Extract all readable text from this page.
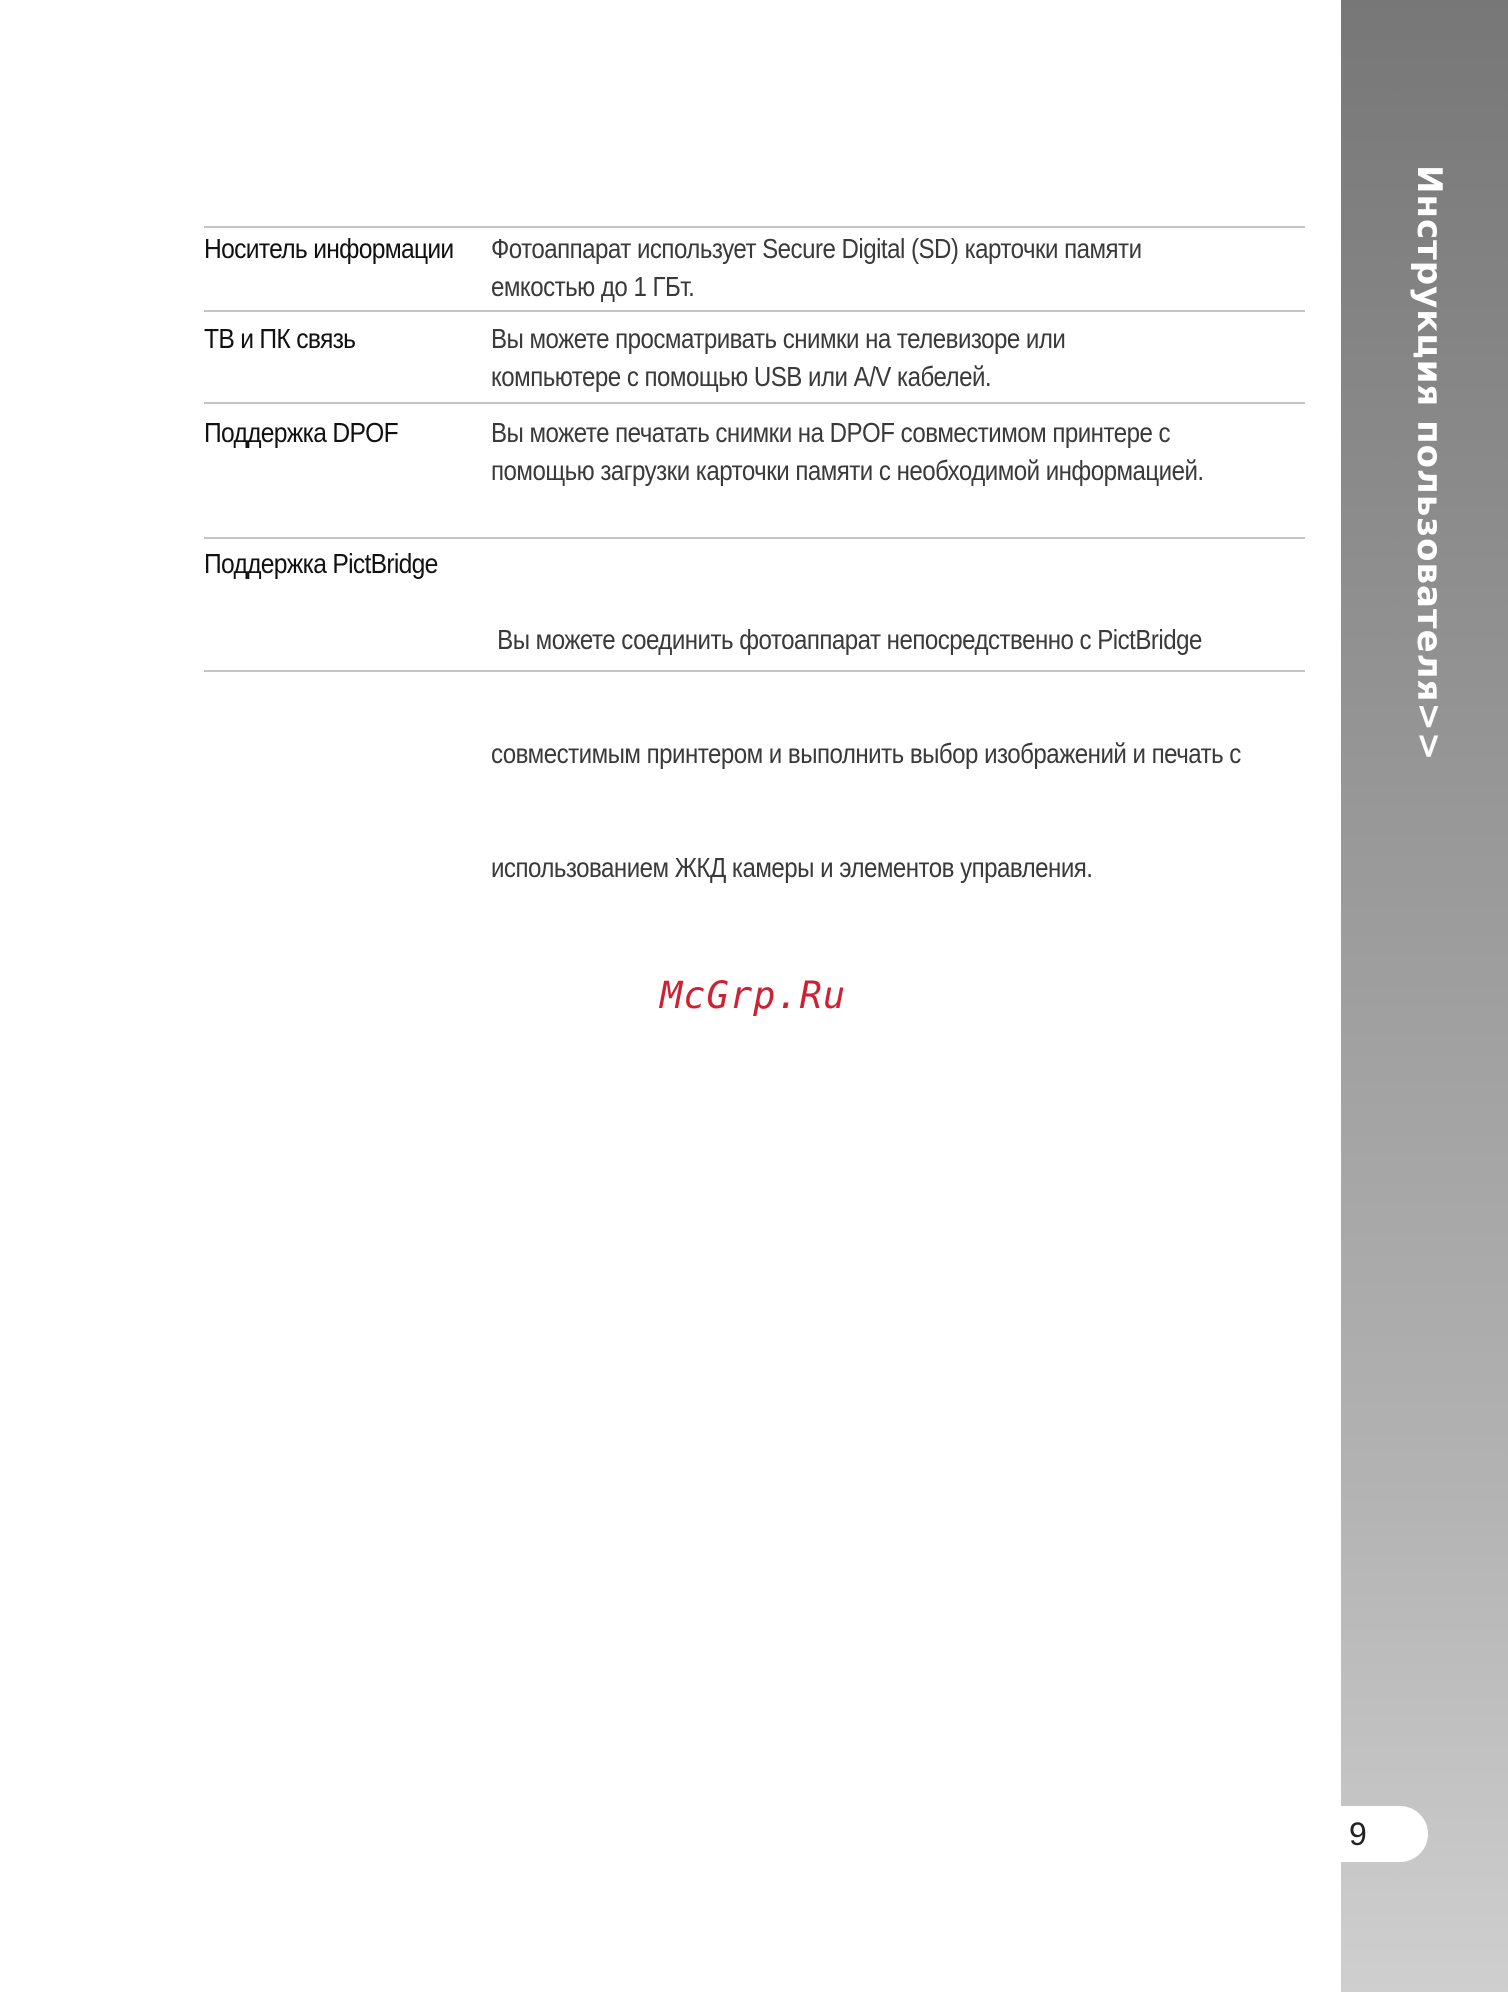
Инструкция пользователя>>
9
Носитель информации Фотоаппарат использует Secure Digital (SD) карточки памяти
емкостью до 1 ГБт.
ТВ и ПК связь	Вы можете просматривать снимки на телевизоре или
компьютере с помощью USB или A/V кабелей.
Поддержка DPOF	Вы можете печатать снимки на DPOF совместимом принтере с
помощью загрузки карточки памяти с необходимой информацией.
Поддержка PictBridge

Вы можете соединить фотоаппарат непосредственно с PictBridge

совместимым принтером и выполнить выбор изображений и печать с

использованием ЖКД камеры и элементов управления.

McGrp.Ru
